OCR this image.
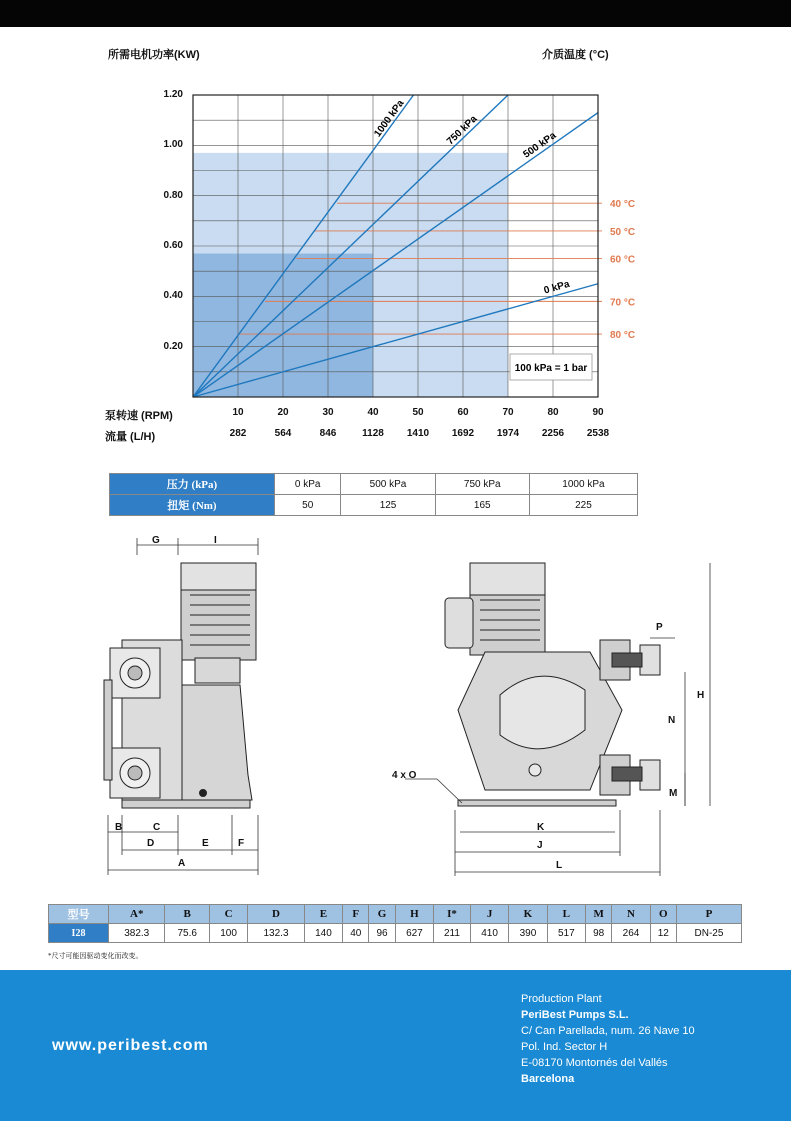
所需电机功率(KW)	介质温度 (°C)
40 °C
50 °C
60 °C
70 °C
80 °C
1000 kPa	750 kPa	500 kPa
0 kPa
100 kPa = 1 bar
泵转速 (RPM)
流量 (L/H)
10
282
20
564
30
846
40
1128
50
1410
60
1692
70
1974
80
2256
90
2538
0.20
0.40
0.60
0.80
1.00
1.20
压力 (kPa)	0 kPa	500 kPa	750 kPa	1000 kPa
扭矩 (Nm)	50	125	165	225
G	I
B	C
D	E	F
A
P
H
N
M
4 x O
K
J
L
型号	A*	B	C	D	E	F	G	H	I*	J	K	L	M	N	O	P
I28	382.3	75.6	100	132.3	140	40	96	627	211	410	390	517	98	264	12	DN-25
*尺寸可能因驱动变化而改变。
www.peribest.com
Production Plant
PeriBest Pumps S.L.
C/ Can Parellada, num. 26 Nave 10
Pol. Ind. Sector H
E-08170 Montornés del Vallés
Barcelona
